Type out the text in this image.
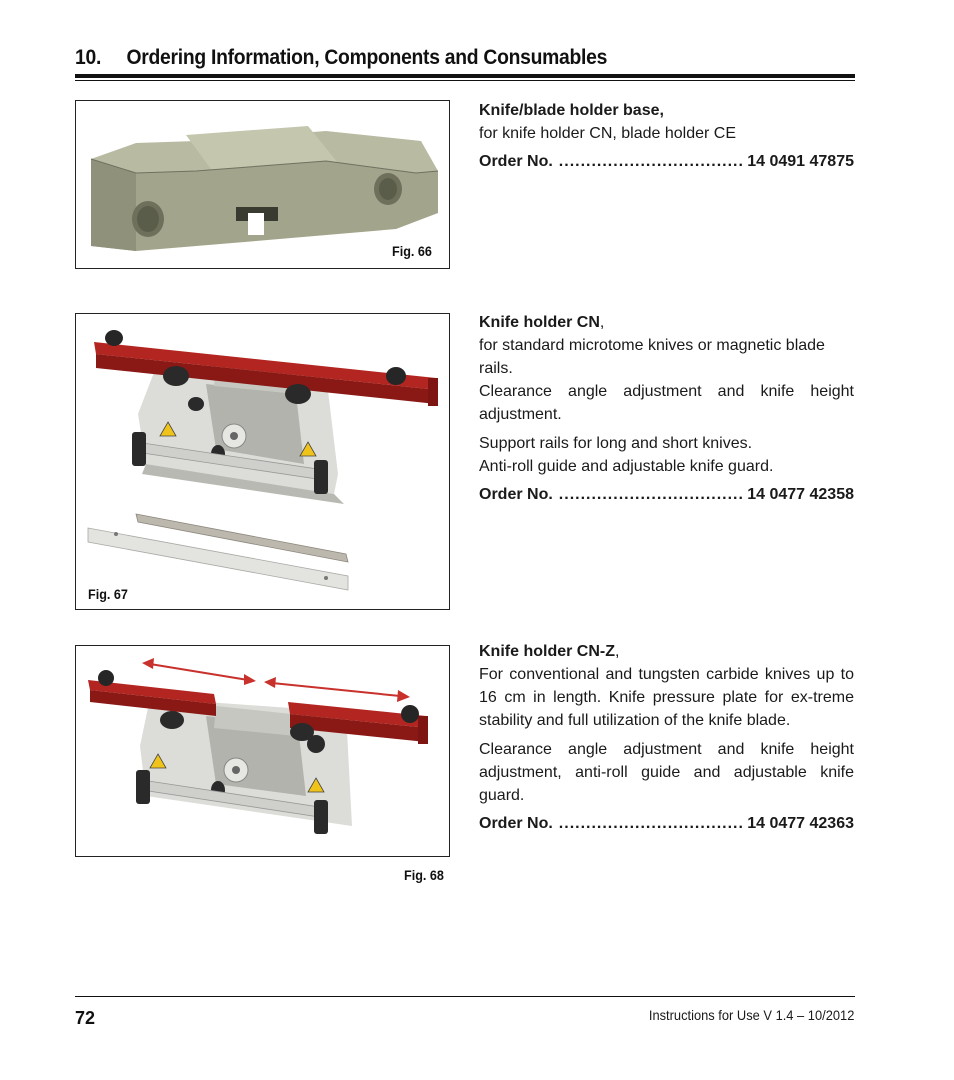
10. Ordering Information, Components and Consumables
Fig. 66

Knife/blade holder base,

for knife holder CN, blade holder CE

Order No. .....	14 0491 47875
Fig. 67

Knife holder CN,

for standard microtome knives or magnetic blade rails.

Clearance angle adjustment and knife height adjustment.

Support rails for long and short knives.

Anti-roll guide and adjustable knife guard.

Order No. .....	14 0477 42358
Fig. 68

Knife holder CN-Z,

For conventional and tungsten carbide knives up to 16 cm in length. Knife pressure plate for ex-treme stability and full utilization of the knife blade.

Clearance angle adjustment and knife height adjustment, anti-roll guide and adjustable knife guard.

Order No. .....	14 0477 42363
72	Instructions for Use V 1.4 – 10/2012
